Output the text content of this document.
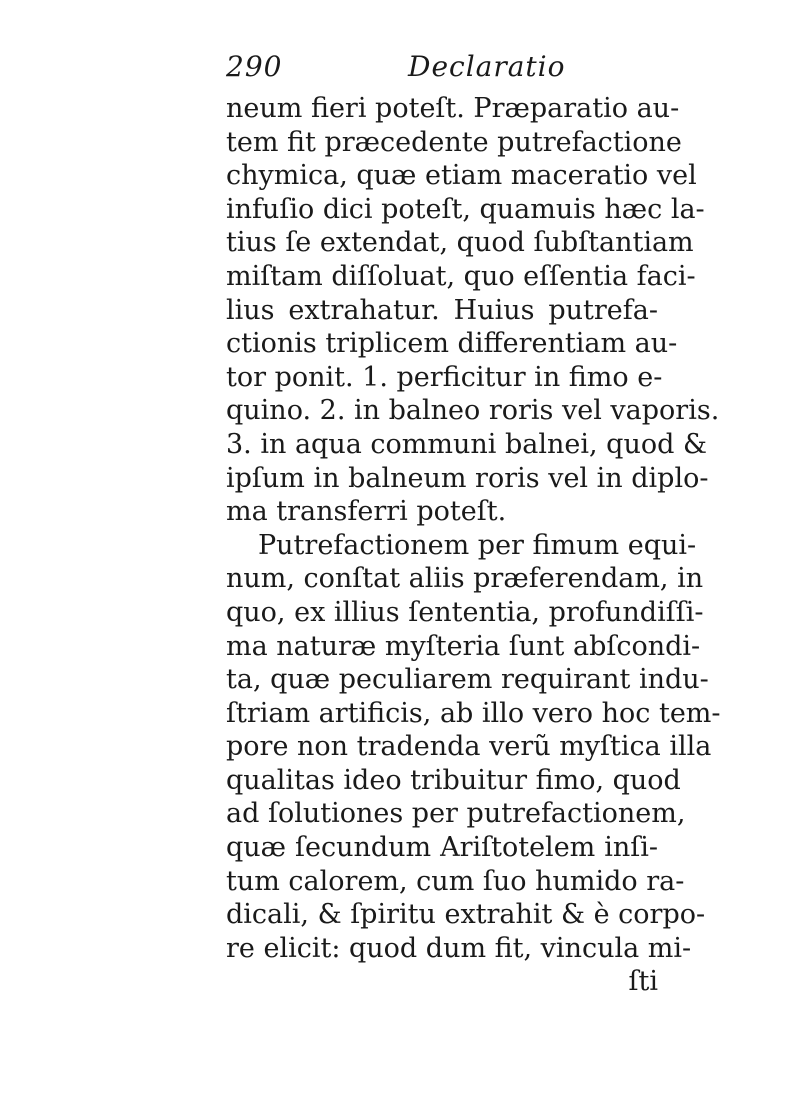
290	Declaratio
neum fieri poteſt. Præparatio au-
tem fit præcedente putrefactione
chymica, quæ etiam maceratio vel
infuſio dici poteſt, quamuis hæc la-
tius ſe extendat, quod ſubſtantiam
miſtam diſſoluat, quo eſſentia faci-
lius extrahatur. Huius putrefa-
ctionis triplicem differentiam au-
tor ponit. 1. perficitur in fimo e-
quino. 2. in balneo roris vel vaporis.
3. in aqua communi balnei, quod &
ipſum in balneum roris vel in diplo-
ma transferri poteſt.
Putrefactionem per fimum equi-
num, conſtat aliis præferendam, in
quo, ex illius ſententia, profundiſſi-
ma naturæ myſteria ſunt abſcondi-
ta, quæ peculiarem requirant indu-
ſtriam artificis, ab illo vero hoc tem-
pore non tradenda verũ myſtica illa
qualitas ideo tribuitur fimo, quod
ad ſolutiones per putrefactionem,
quæ ſecundum Ariſtotelem inſi-
tum calorem, cum ſuo humido ra-
dicali, & ſpiritu extrahit & è corpo-
re elicit: quod dum fit, vincula mi-
ſti
